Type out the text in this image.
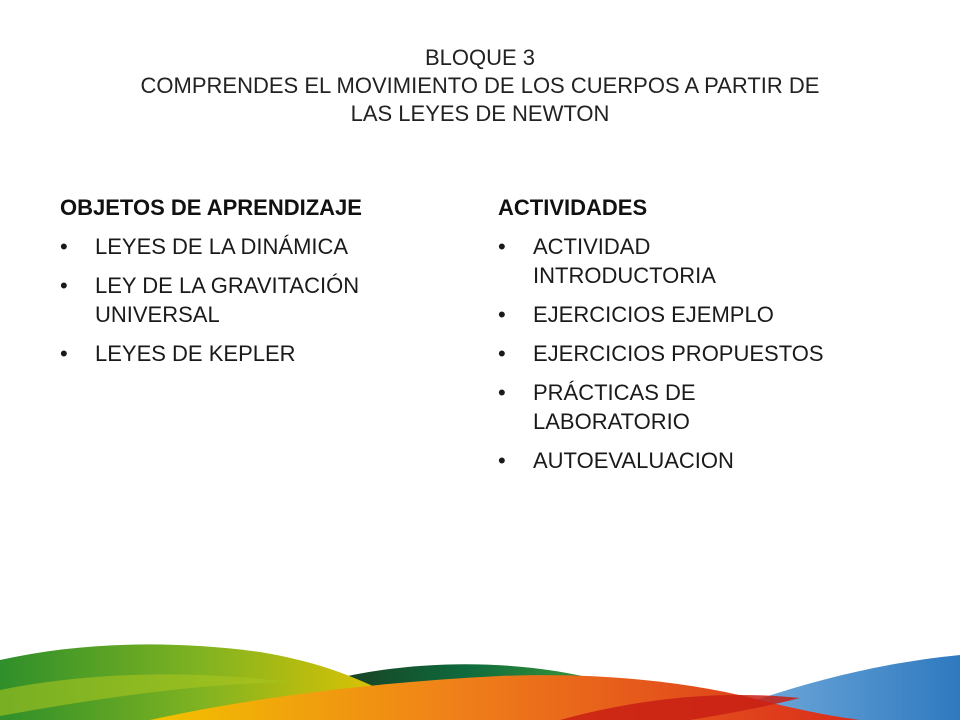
BLOQUE 3
COMPRENDES EL MOVIMIENTO DE LOS CUERPOS A PARTIR DE
LAS LEYES DE NEWTON
OBJETOS DE APRENDIZAJE
•	LEYES DE LA DINÁMICA
•	LEY DE LA GRAVITACIÓN UNIVERSAL
•	LEYES DE KEPLER
ACTIVIDADES
•	ACTIVIDAD INTRODUCTORIA
•	EJERCICIOS EJEMPLO
•	EJERCICIOS PROPUESTOS
•	PRÁCTICAS DE LABORATORIO
•	AUTOEVALUACION
